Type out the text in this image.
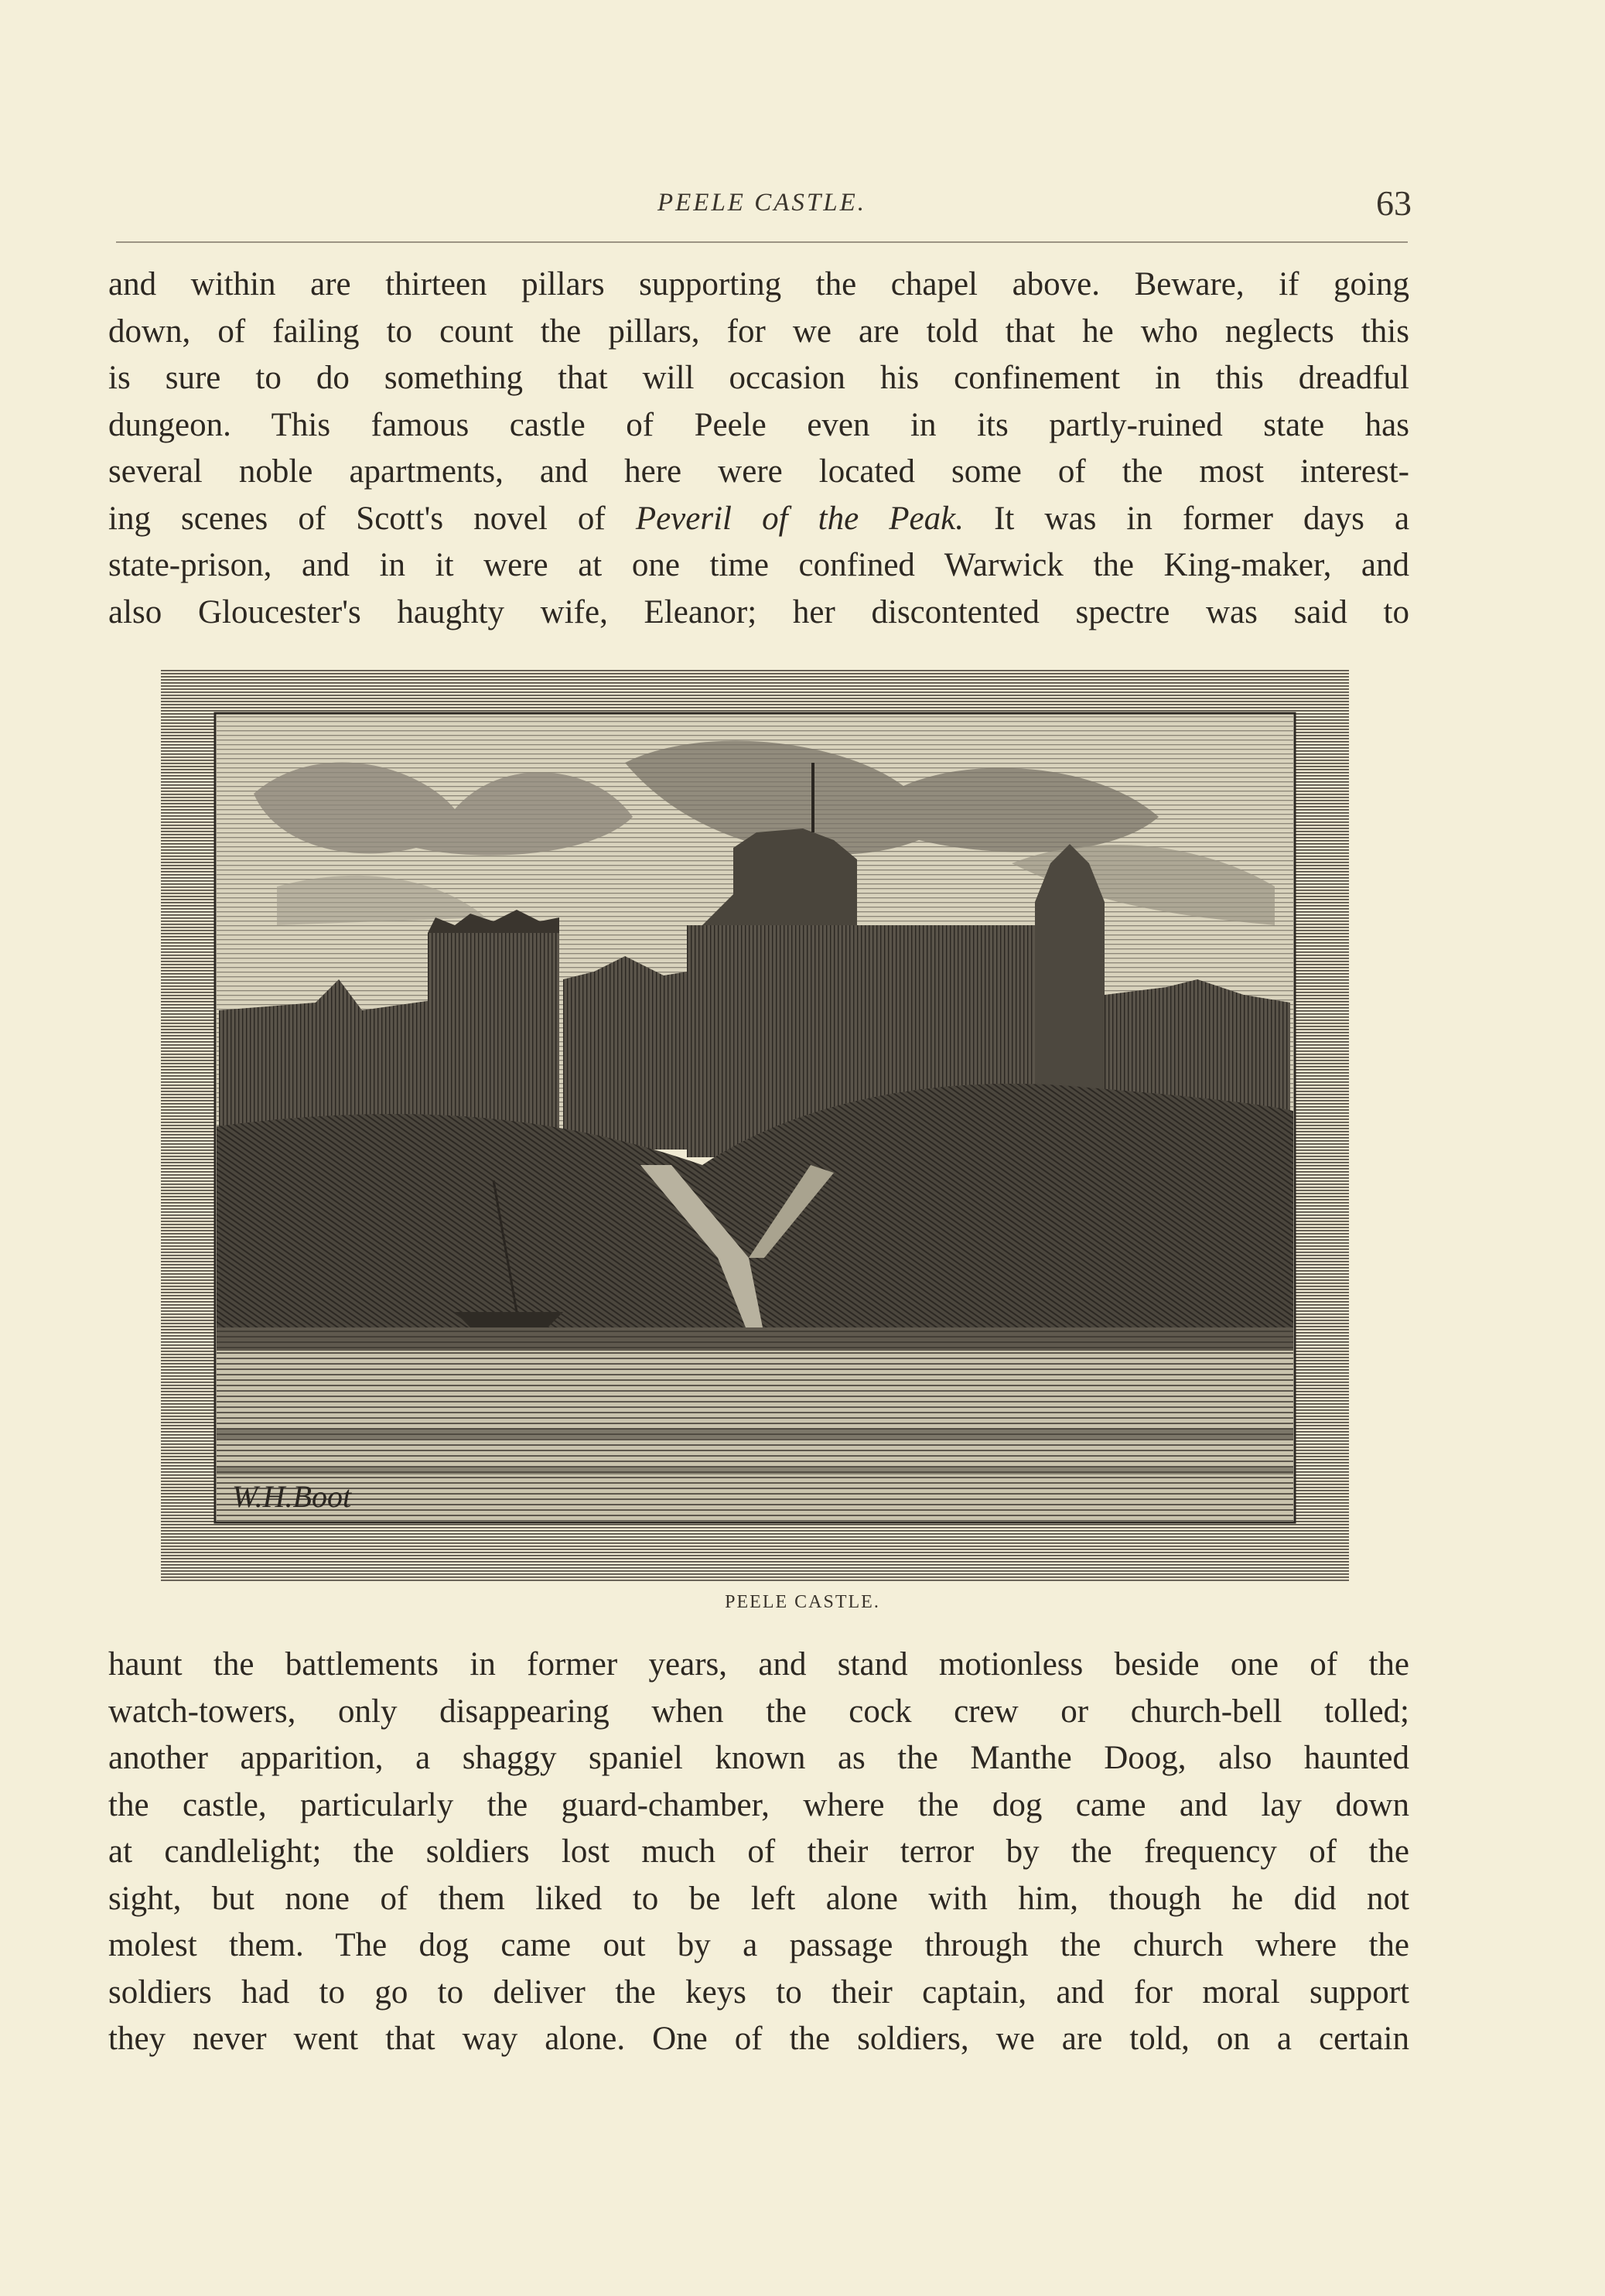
PEELE CASTLE.	63
and within are thirteen pillars supporting the chapel above. Beware, if going
down, of failing to count the pillars, for we are told that he who neglects this
is sure to do something that will occasion his confinement in this dreadful
dungeon. This famous castle of Peele even in its partly-ruined state has
several noble apartments, and here were located some of the most interest-
ing scenes of Scott's novel of Peveril of the Peak. It was in former days a
state-prison, and in it were at one time confined Warwick the King-maker, and
also Gloucester's haughty wife, Eleanor; her discontented spectre was said to
W.H.Boot
PEELE CASTLE.
haunt the battlements in former years, and stand motionless beside one of the
watch-towers, only disappearing when the cock crew or church-bell tolled;
another apparition, a shaggy spaniel known as the Manthe Doog, also haunted
the castle, particularly the guard-chamber, where the dog came and lay down
at candlelight; the soldiers lost much of their terror by the frequency of the
sight, but none of them liked to be left alone with him, though he did not
molest them. The dog came out by a passage through the church where the
soldiers had to go to deliver the keys to their captain, and for moral support
they never went that way alone. One of the soldiers, we are told, on a certain
